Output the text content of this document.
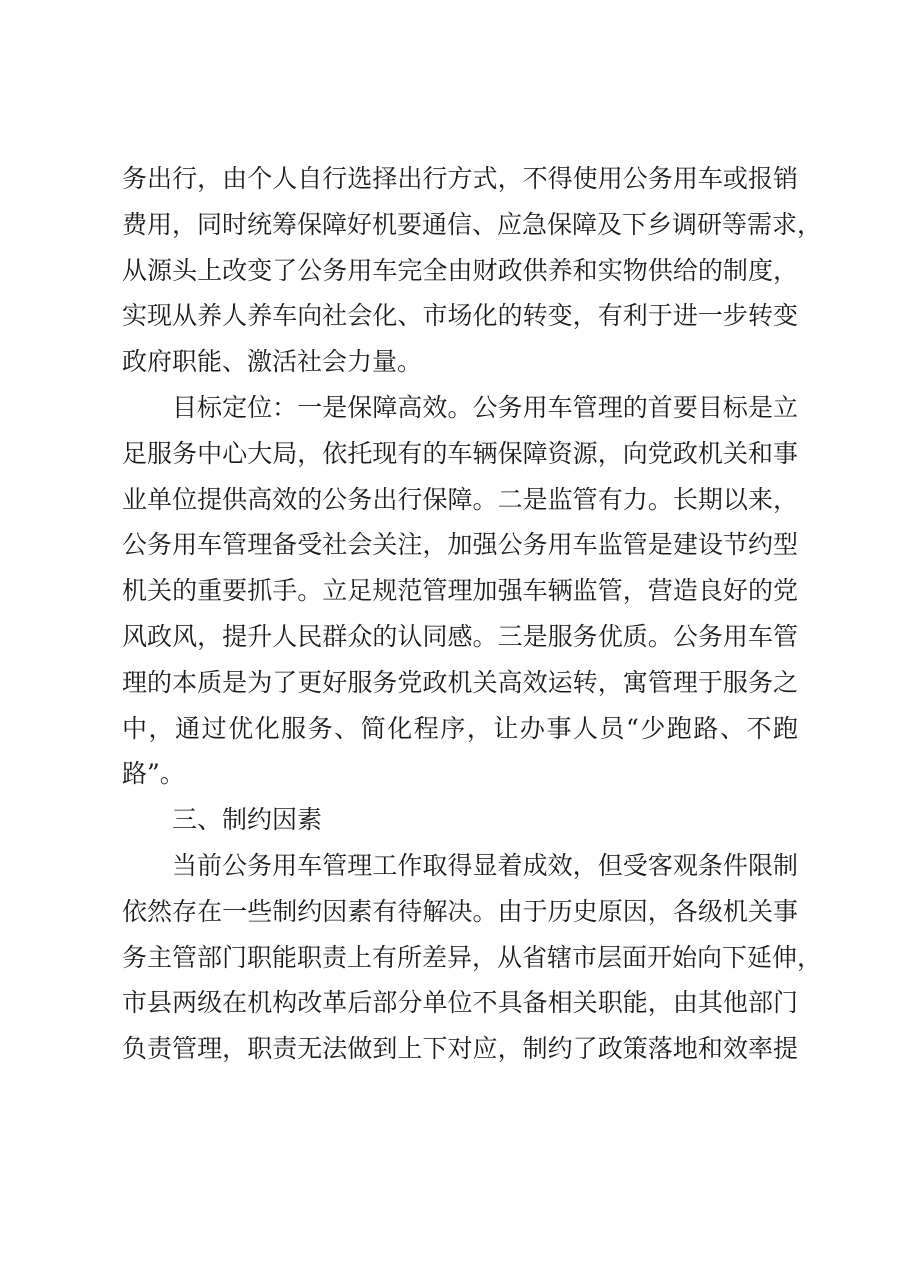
务出行，由个人自行选择出行方式，不得使用公务用车或报销
费用，同时统筹保障好机要通信、应急保障及下乡调研等需求，
从源头上改变了公务用车完全由财政供养和实物供给的制度，
实现从养人养车向社会化、市场化的转变，有利于进一步转变
政府职能、激活社会力量。
目标定位：一是保障高效。公务用车管理的首要目标是立
足服务中心大局，依托现有的车辆保障资源，向党政机关和事
业单位提供高效的公务出行保障。二是监管有力。长期以来，
公务用车管理备受社会关注，加强公务用车监管是建设节约型
机关的重要抓手。立足规范管理加强车辆监管，营造良好的党
风政风，提升人民群众的认同感。三是服务优质。公务用车管
理的本质是为了更好服务党政机关高效运转，寓管理于服务之
中，通过优化服务、简化程序，让办事人员“少跑路、不跑
路”。
三、制约因素
当前公务用车管理工作取得显着成效，但受客观条件限制
依然存在一些制约因素有待解决。由于历史原因，各级机关事
务主管部门职能职责上有所差异，从省辖市层面开始向下延伸，
市县两级在机构改革后部分单位不具备相关职能，由其他部门
负责管理，职责无法做到上下对应，制约了政策落地和效率提
